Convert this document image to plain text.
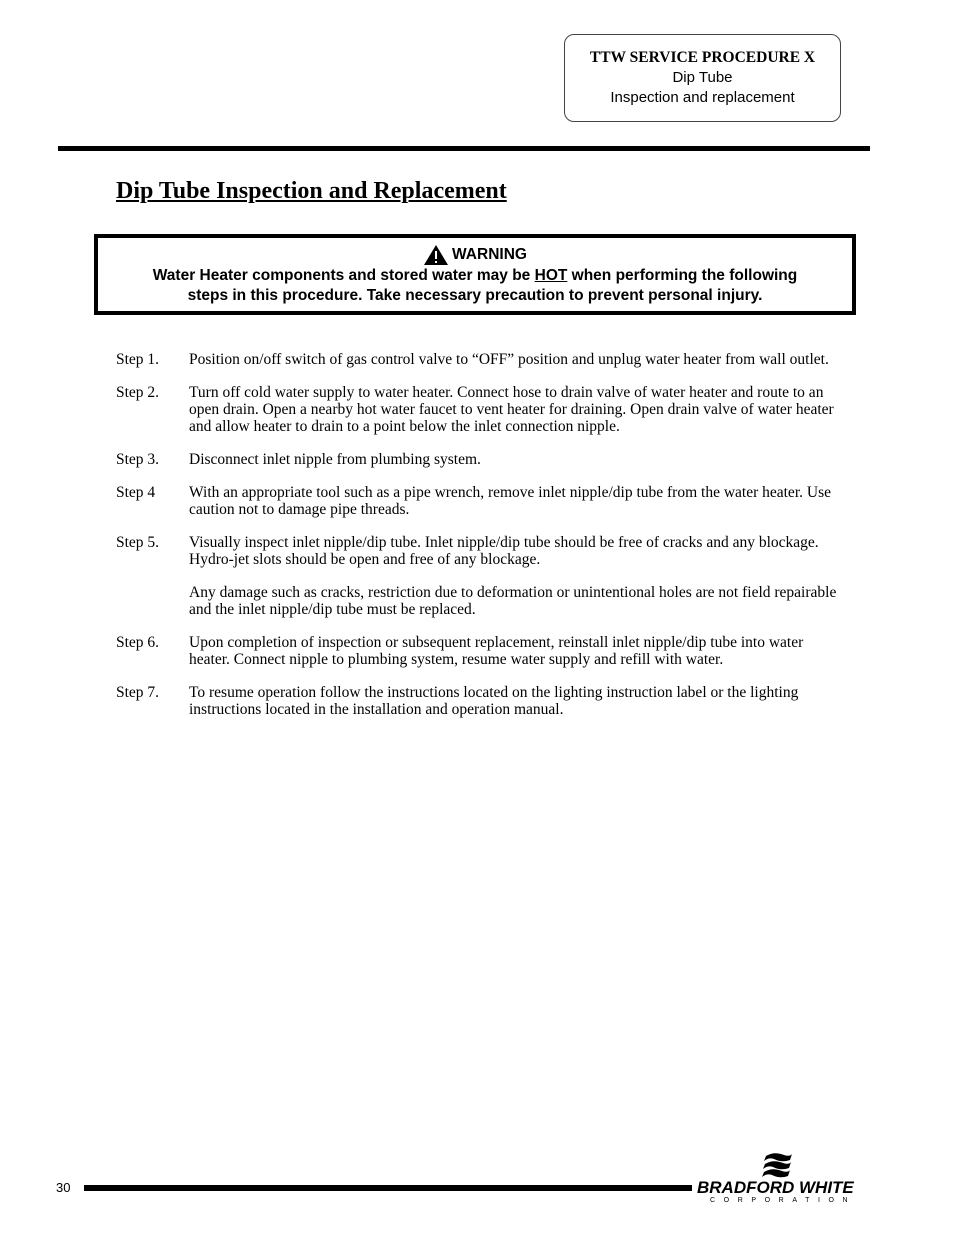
TTW SERVICE PROCEDURE X
Dip Tube
Inspection and replacement
Dip Tube Inspection and Replacement
WARNING
Water Heater components and stored water may be HOT when performing the following
steps in this procedure. Take necessary precaution to prevent personal injury.
Step 1.	Position on/off switch of gas control valve to “OFF” position and unplug water heater from wall outlet.

Step 2.	Turn off cold water supply to water heater. Connect hose to drain valve of water heater and route to an open drain. Open a nearby hot water faucet to vent heater for draining. Open drain valve of water heater and allow heater to drain to a point below the inlet connection nipple.

Step 3.	Disconnect inlet nipple from plumbing system.

Step 4	With an appropriate tool such as a pipe wrench, remove inlet nipple/dip tube from the water heater. Use caution not to damage pipe threads.

Step 5.	Visually inspect inlet nipple/dip tube. Inlet nipple/dip tube should be free of cracks and any blockage. Hydro-jet slots should be open and free of any blockage.

Any damage such as cracks, restriction due to deformation or unintentional holes are not field repairable and the inlet nipple/dip tube must be replaced.

Step 6.	Upon completion of inspection or subsequent replacement, reinstall inlet nipple/dip tube into water heater. Connect nipple to plumbing system, resume water supply and refill with water.

Step 7.	To resume operation follow the instructions located on the lighting instruction label or the lighting instructions located in the installation and operation manual.

30	BRADFORD WHITE
CORPORATION
